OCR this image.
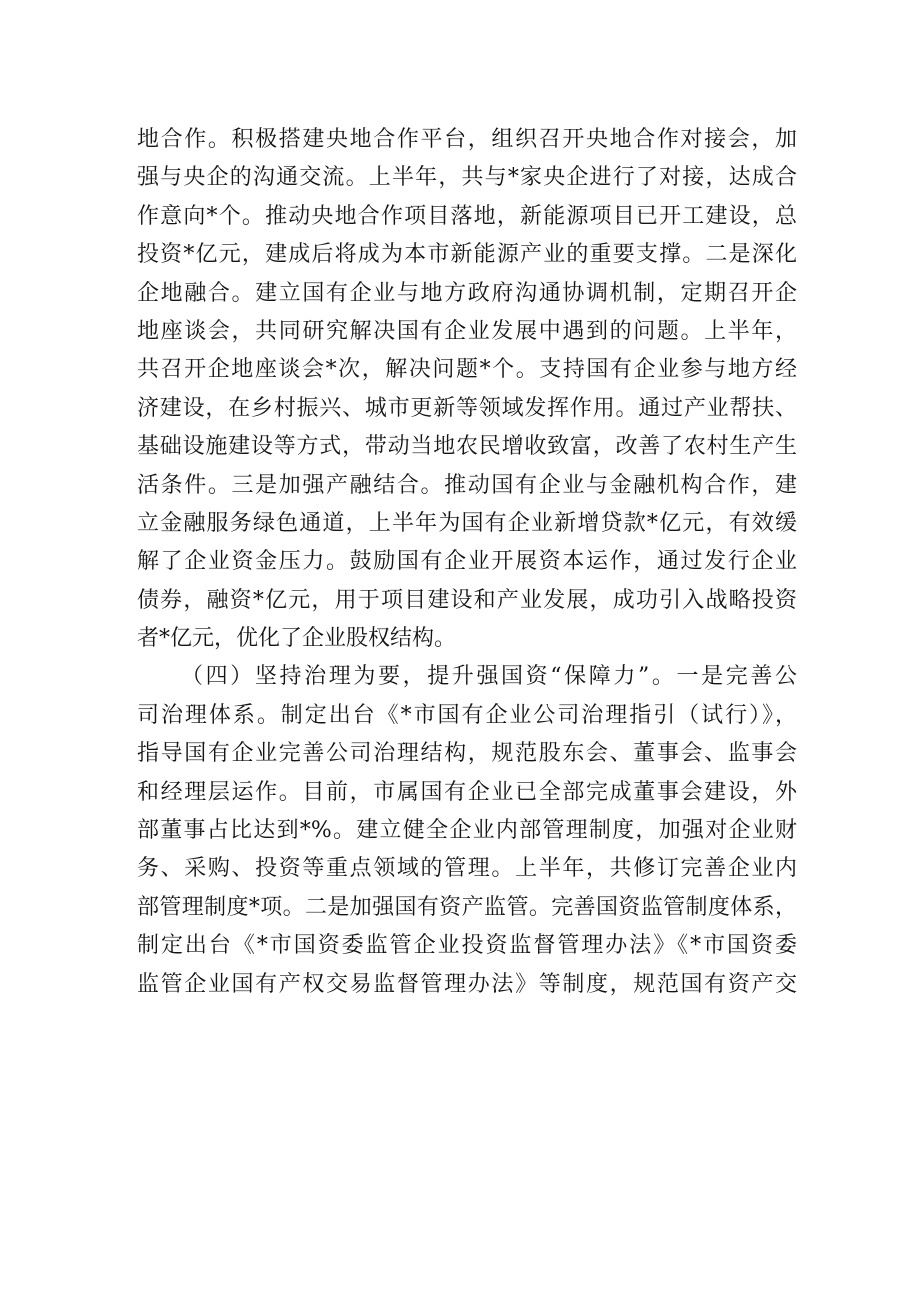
地合作。积极搭建央地合作平台，组织召开央地合作对接会，加
强与央企的沟通交流。上半年，共与*家央企进行了对接，达成合
作意向*个。推动央地合作项目落地，新能源项目已开工建设，总
投资*亿元，建成后将成为本市新能源产业的重要支撑。二是深化
企地融合。建立国有企业与地方政府沟通协调机制，定期召开企
地座谈会，共同研究解决国有企业发展中遇到的问题。上半年，
共召开企地座谈会*次，解决问题*个。支持国有企业参与地方经
济建设，在乡村振兴、城市更新等领域发挥作用。通过产业帮扶、
基础设施建设等方式，带动当地农民增收致富，改善了农村生产生
活条件。三是加强产融结合。推动国有企业与金融机构合作，建
立金融服务绿色通道，上半年为国有企业新增贷款*亿元，有效缓
解了企业资金压力。鼓励国有企业开展资本运作，通过发行企业
债券，融资*亿元，用于项目建设和产业发展，成功引入战略投资
者*亿元，优化了企业股权结构。
（四）坚持治理为要，提升强国资“保障力”。一是完善公
司治理体系。制定出台《*市国有企业公司治理指引（试行）》，
指导国有企业完善公司治理结构，规范股东会、董事会、监事会
和经理层运作。目前，市属国有企业已全部完成董事会建设，外
部董事占比达到*%。建立健全企业内部管理制度，加强对企业财
务、采购、投资等重点领域的管理。上半年，共修订完善企业内
部管理制度*项。二是加强国有资产监管。完善国资监管制度体系，
制定出台《*市国资委监管企业投资监督管理办法》《*市国资委
监管企业国有产权交易监督管理办法》等制度，规范国有资产交
